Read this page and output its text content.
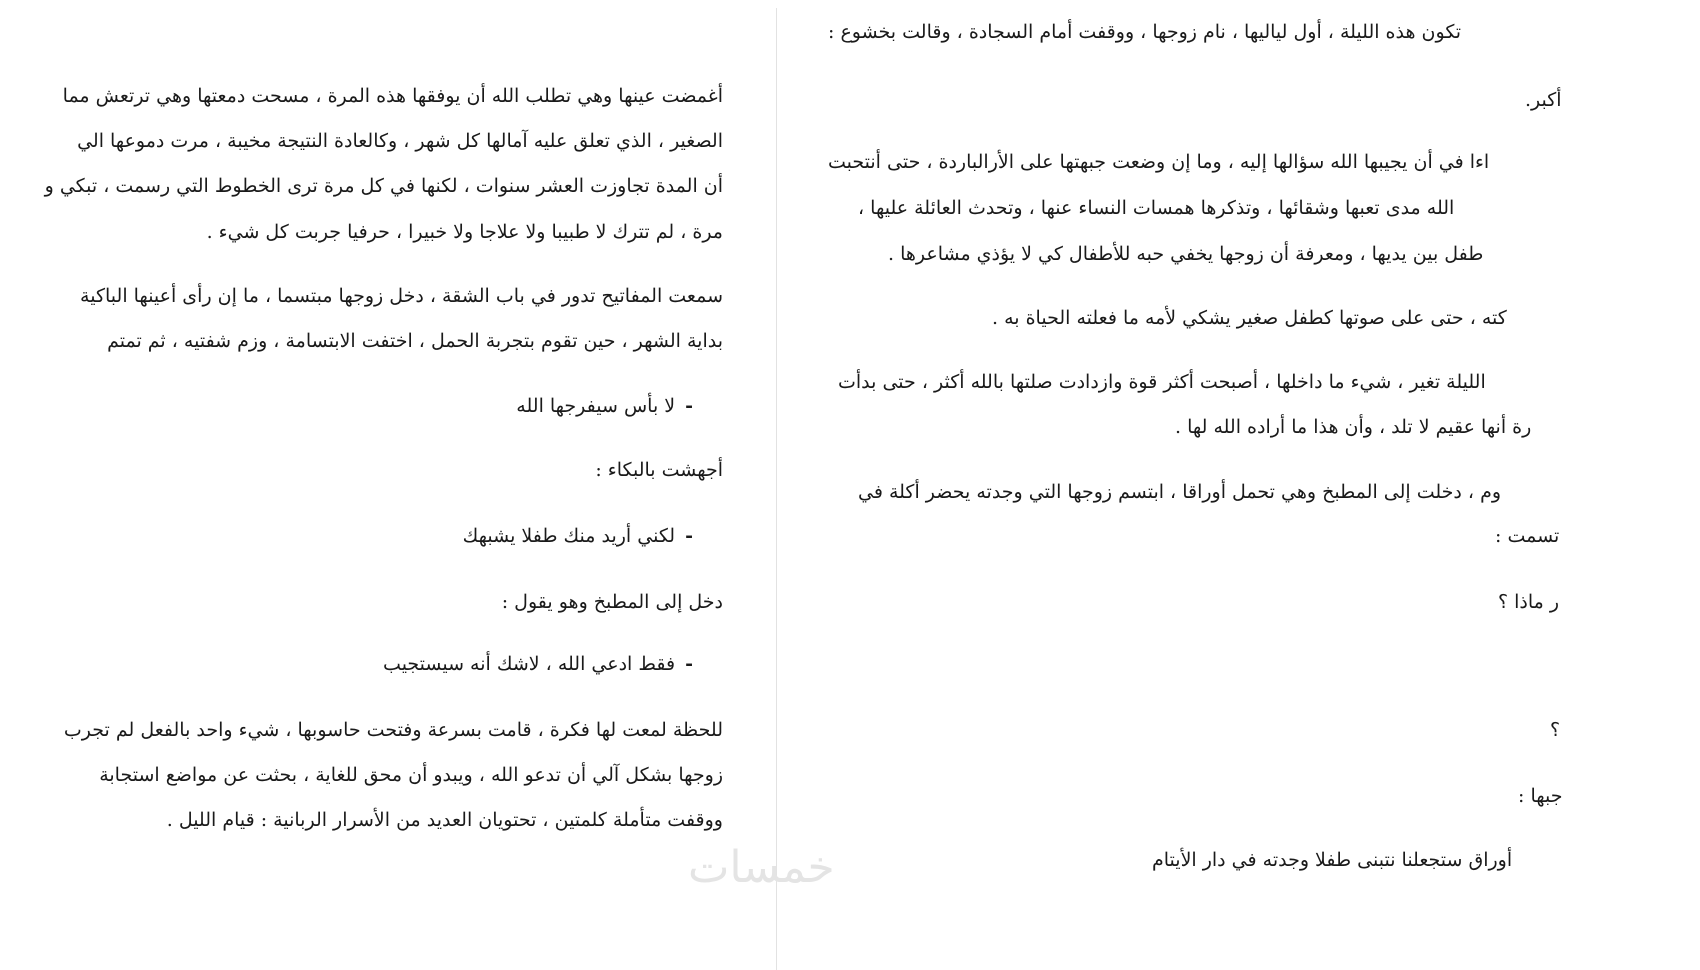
أغمضت عينها وهي تطلب الله أن يوفقها هذه المرة ، مسحت دمعتها وهي ترتعش مما
الصغير ، الذي تعلق عليه آمالها كل شهر ، وكالعادة النتيجة مخيبة ، مرت دموعها الي
أن المدة تجاوزت العشر سنوات ، لكنها في كل مرة ترى الخطوط التي رسمت ، تبكي و
مرة ، لم تترك لا طبيبا ولا علاجا ولا خبيرا ، حرفيا جربت كل شيء .
سمعت المفاتيح تدور في باب الشقة ، دخل زوجها مبتسما ، ما إن رأى أعينها الباكية
بداية الشهر ، حين تقوم بتجربة الحمل ، اختفت الابتسامة ، وزم شفتيه ، ثم تمتم
-لا بأس سيفرجها الله
أجهشت بالبكاء :
-لكني أريد منك طفلا يشبهك
دخل إلى المطبخ وهو يقول :
-فقط ادعي الله ، لاشك أنه سيستجيب
للحظة لمعت لها فكرة ، قامت بسرعة وفتحت حاسوبها ، شيء واحد بالفعل لم تجرب
زوجها بشكل آلي أن تدعو الله ، ويبدو أن محق للغاية ، بحثت عن مواضع استجابة
ووقفت متأملة كلمتين ، تحتويان العديد من الأسرار الربانية : قيام الليل .
تكون هذه الليلة ، أول لياليها ، نام زوجها ، ووقفت أمام السجادة ، وقالت بخشوع :
أكبر.
اءا في أن يجيبها الله سؤالها إليه ، وما إن وضعت جبهتها على الأرالباردة ، حتى أنتحبت
الله مدى تعبها وشقائها ، وتذكرها همسات النساء عنها ، وتحدث العائلة عليها ،
طفل بين يديها ، ومعرفة أن زوجها يخفي حبه للأطفال كي لا يؤذي مشاعرها .
كته ، حتى على صوتها كطفل صغير يشكي لأمه ما فعلته الحياة به .
الليلة تغير ، شيء ما داخلها ، أصبحت أكثر قوة وازدادت صلتها بالله أكثر ، حتى بدأت
رة أنها عقيم لا تلد ، وأن هذا ما أراده الله لها .
وم ، دخلت إلى المطبخ وهي تحمل أوراقا ، ابتسم زوجها التي وجدته يحضر أكلة في
تسمت :
ر ماذا ؟
؟
جبها :
أوراق ستجعلنا نتبنى طفلا وجدته في دار الأيتام
خمسات
